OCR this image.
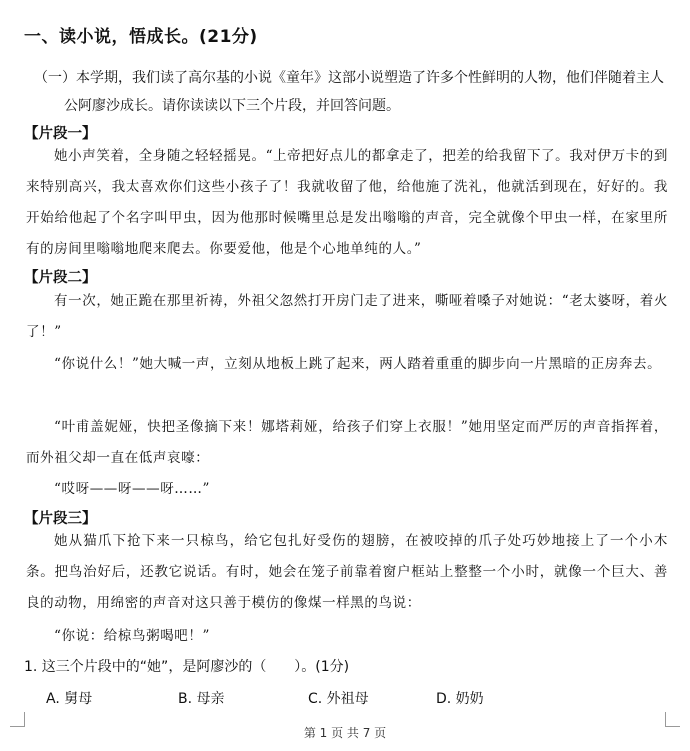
一、读小说，悟成长。(21分)
（一）本学期，我们读了高尔基的小说《童年》这部小说塑造了许多个性鲜明的人物，他们伴随着主人
公阿廖沙成长。请你读读以下三个片段，并回答问题。
【片段一】
她小声笑着，全身随之轻轻摇晃。“上帝把好点儿的都拿走了，把差的给我留下了。我对伊万卡的到来特别高兴，我太喜欢你们这些小孩子了！我就收留了他，给他施了洗礼，他就活到现在，好好的。我开始给他起了个名字叫甲虫，因为他那时候嘴里总是发出嗡嗡的声音，完全就像个甲虫一样，在家里所有的房间里嗡嗡地爬来爬去。你要爱他，他是个心地单纯的人。”
【片段二】
有一次，她正跪在那里祈祷，外祖父忽然打开房门走了进来，嘶哑着嗓子对她说：“老太婆呀，着火了！”
“你说什么！”她大喊一声，立刻从地板上跳了起来，两人踏着重重的脚步向一片黑暗的正房奔去。
“叶甫盖妮娅，快把圣像摘下来！娜塔莉娅，给孩子们穿上衣服！”她用坚定而严厉的声音指挥着，而外祖父却一直在低声哀嚎：
“哎呀——呀——呀……”
【片段三】
她从猫爪下抢下来一只椋鸟，给它包扎好受伤的翅膀，在被咬掉的爪子处巧妙地接上了一个小木条。把鸟治好后，还教它说话。有时，她会在笼子前靠着窗户框站上整整一个小时，就像一个巨大、善良的动物，用绵密的声音对这只善于模仿的像煤一样黑的鸟说：
“你说：给椋鸟粥喝吧！”
1. 这三个片段中的“她”，是阿廖沙的（　　）。(1分)
A. 舅母	B. 母亲	C. 外祖母	D. 奶奶
第 1 页 共 7 页
